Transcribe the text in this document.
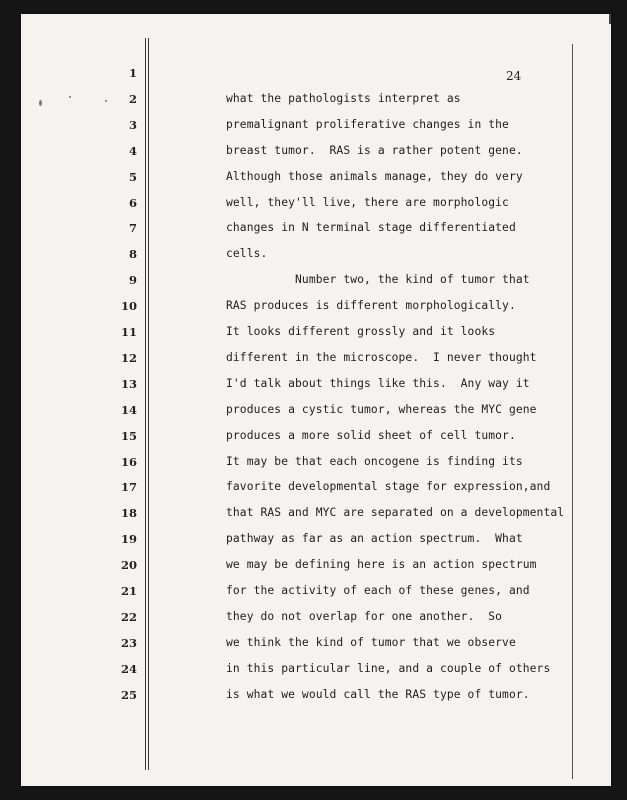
24
1
2	what the pathologists interpret as
3	premalignant proliferative changes in the
4	breast tumor.  RAS is a rather potent gene.
5	Although those animals manage, they do very
6	well, they'll live, there are morphologic
7	changes in N terminal stage differentiated
8	cells.
9	Number two, the kind of tumor that
10	RAS produces is different morphologically.
11	It looks different grossly and it looks
12	different in the microscope.  I never thought
13	I'd talk about things like this.  Any way it
14	produces a cystic tumor, whereas the MYC gene
15	produces a more solid sheet of cell tumor.
16	It may be that each oncogene is finding its
17	favorite developmental stage for expression,and
18	that RAS and MYC are separated on a developmental
19	pathway as far as an action spectrum.  What
20	we may be defining here is an action spectrum
21	for the activity of each of these genes, and
22	they do not overlap for one another.  So
23	we think the kind of tumor that we observe
24	in this particular line, and a couple of others
25	is what we would call the RAS type of tumor.
